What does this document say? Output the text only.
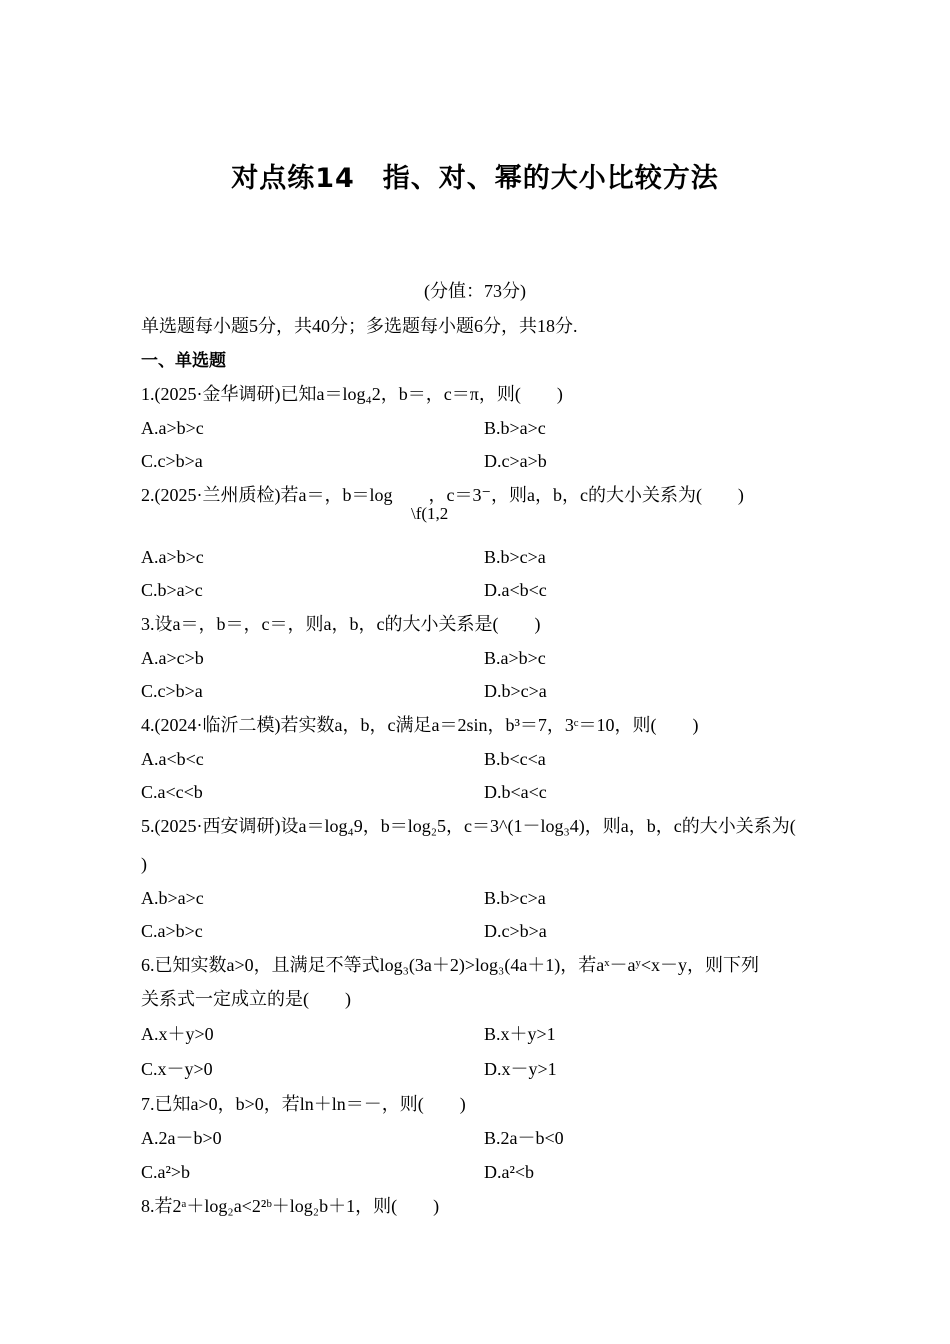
对点练14　指、对、幂的大小比较方法
(分值：73分)
单选题每小题5分，共40分；多选题每小题6分，共18分.
一、单选题
1.(2025·金华调研)已知a＝log₄2，b＝，c＝π，则(　　)
A.a>b>c	B.b>a>c
C.c>b>a	D.c>a>b
2.(2025·兰州质检)若a＝，b＝log　　，c＝3⁻，则a，b，c的大小关系为(　　)
\f(1,2
A.a>b>c	B.b>c>a
C.b>a>c	D.a<b<c
3.设a＝，b＝，c＝，则a，b，c的大小关系是(　　)
A.a>c>b	B.a>b>c
C.c>b>a	D.b>c>a
4.(2024·临沂二模)若实数a，b，c满足a＝2sin，b³＝7，3ᶜ＝10，则(　　)
A.a<b<c	B.b<c<a
C.a<c<b	D.b<a<c
5.(2025·西安调研)设a＝log₄9，b＝log₂5，c＝3^(1－log₃4)，则a，b，c的大小关系为(
)
A.b>a>c	B.b>c>a
C.a>b>c	D.c>b>a
6.已知实数a>0，且满足不等式log₃(3a＋2)>log₃(4a＋1)，若aˣ－aʸ<x－y，则下列
关系式一定成立的是(　　)
A.x＋y>0	B.x＋y>1
C.x－y>0	D.x－y>1
7.已知a>0，b>0，若ln＋ln＝－，则(　　)
A.2a－b>0	B.2a－b<0
C.a²>b	D.a²<b
8.若2ᵃ＋log₂a<2²ᵇ＋log₂b＋1，则(　　)
